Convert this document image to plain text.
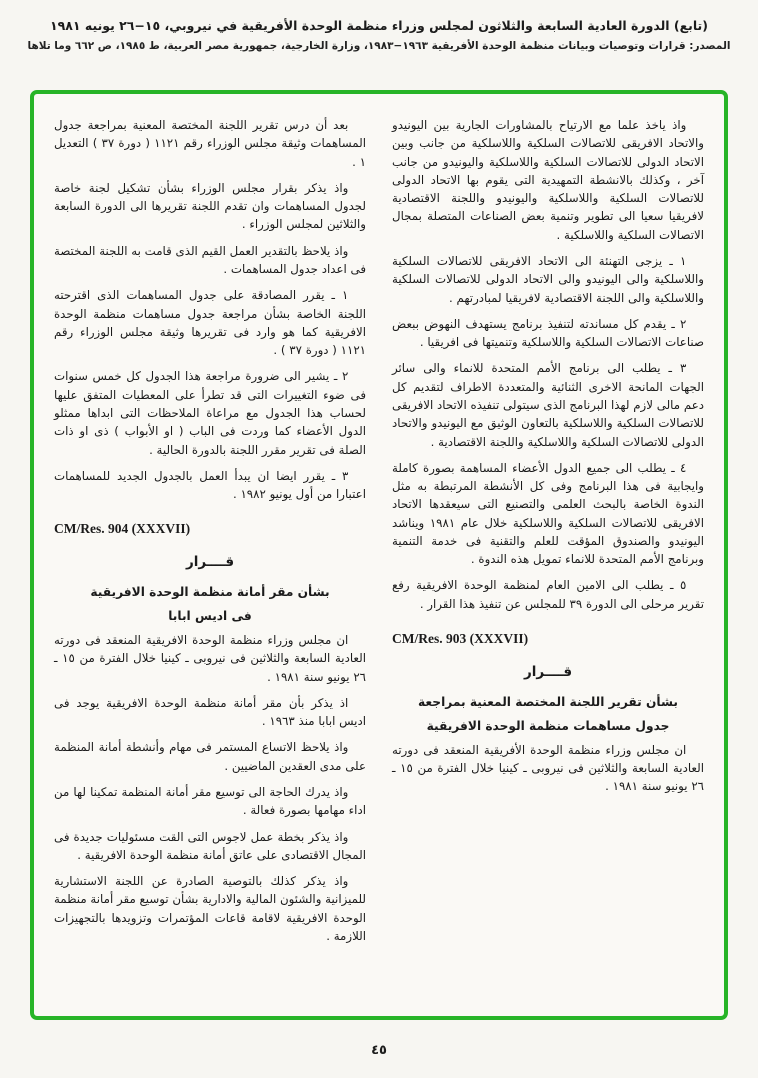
(تابع) الدورة العادية السابعة والثلاثون لمجلس وزراء منظمة الوحدة الأفريقية في نيروبي، ١٥−٢٦ يونيه ١٩٨١
المصدر: قرارات وتوصيات وبيانات منظمة الوحدة الأفريقية ١٩٦٣−١٩٨٣، وزارة الخارجية، جمهورية مصر العربية، ط ١٩٨٥، ص ٦٦٢ وما تلاها

واذ ياخذ علما مع الارتياح بالمشاورات الجارية بين اليونيدو والاتحاد الافريقى للاتصالات السلكية واللاسلكية من جانب وبين الاتحاد الدولى للاتصالات السلكية واللاسلكية واليونيدو من جانب آخر ، وكذلك بالانشطة التمهيدية التى يقوم بها الاتحاد الدولى للاتصالات السلكية واللاسلكية واليونيدو واللجنة الاقتصادية لافريقيا سعيا الى تطوير وتنمية بعض الصناعات المتصلة بمجال الاتصالات السلكية واللاسلكية .

١ ـ يزجى التهنئة الى الاتحاد الافريقى للاتصالات السلكية واللاسلكية والى اليونيدو والى الاتحاد الدولى للاتصالات السلكية واللاسلكية والى اللجنة الاقتصادية لافريقيا لمبادرتهم .

٢ ـ يقدم كل مساندته لتنفيذ برنامج يستهدف النهوض ببعض صناعات الاتصالات السلكية واللاسلكية وتنميتها فى افريقيا .

٣ ـ يطلب الى برنامج الأمم المتحدة للانماء والى سائر الجهات المانحة الاخرى الثنائية والمتعددة الاطراف لتقديم كل دعم مالى لازم لهذا البرنامج الذى سيتولى تنفيذه الاتحاد الافريقى للاتصالات السلكية واللاسلكية بالتعاون الوثيق مع اليونيدو والاتحاد الدولى للاتصالات السلكية واللاسلكية واللجنة الاقتصادية .

٤ ـ يطلب الى جميع الدول الأعضاء المساهمة بصورة كاملة وايجابية فى هذا البرنامج وفى كل الأنشطة المرتبطة به مثل الندوة الخاصة بالبحث العلمى والتصنيع التى سيعقدها الاتحاد الافريقى للاتصالات السلكية واللاسلكية خلال عام ١٩٨١ ويناشد اليونيدو والصندوق المؤقت للعلم والتقنية فى خدمة التنمية وبرنامج الأمم المتحدة للانماء تمويل هذه الندوة .

٥ ـ يطلب الى الامين العام لمنظمة الوحدة الافريقية رفع تقرير مرحلى الى الدورة ٣٩ للمجلس عن تنفيذ هذا القرار .

CM/Res. 903 (XXXVII)

قــــرار

بشأن تقرير اللجنة المختصة المعنية بمراجعة

جدول مساهمات منظمة الوحدة الافريقية

ان مجلس وزراء منظمة الوحدة الأفريقية المنعقد فى دورته العادية السابعة والثلاثين فى نيروبى ـ كينيا خلال الفترة من ١٥ ـ ٢٦ يونيو سنة ١٩٨١ .

بعد أن درس تقرير اللجنة المختصة المعنية بمراجعة جدول المساهمات وثيقة مجلس الوزراء رقم ١١٢١ ( دورة ٣٧ ) التعديل ١ .

واذ يذكر بقرار مجلس الوزراء بشأن تشكيل لجنة خاصة لجدول المساهمات وان تقدم اللجنة تقريرها الى الدورة السابعة والثلاثين لمجلس الوزراء .

واذ يلاحظ بالتقدير العمل القيم الذى قامت به اللجنة المختصة فى اعداد جدول المساهمات .

١ ـ يقرر المصادقة على جدول المساهمات الذى اقترحته اللجنة الخاصة بشأن مراجعة جدول مساهمات منظمة الوحدة الافريقية كما هو وارد فى تقريرها وثيقة مجلس الوزراء رقم ١١٢١ ( دورة ٣٧ ) .

٢ ـ يشير الى ضرورة مراجعة هذا الجدول كل خمس سنوات فى ضوء التغييرات التى قد تطرأ على المعطيات المتفق عليها لحساب هذا الجدول مع مراعاة الملاحظات التى ابداها ممثلو الدول الأعضاء كما وردت فى الباب ( او الأبواب ) ذى او ذات الصلة فى تقرير مقرر اللجنة بالدورة الحالية .

٣ ـ يقرر ايضا ان يبدأ العمل بالجدول الجديد للمساهمات اعتبارا من أول يونيو ١٩٨٢ .

CM/Res. 904 (XXXVII)

قــــرار

بشأن مقر أمانة منظمة الوحدة الافريقية

فى اديس ابابا

ان مجلس وزراء منظمة الوحدة الافريقية المنعقد فى دورته العادية السابعة والثلاثين فى نيروبى ـ كينيا خلال الفترة من ١٥ ـ ٢٦ يونيو سنة ١٩٨١ .

اذ يذكر بأن مقر أمانة منظمة الوحدة الافريقية يوجد فى اديس ابابا منذ ١٩٦٣ .

واذ يلاحظ الاتساع المستمر فى مهام وأنشطة أمانة المنظمة على مدى العقدين الماضيين .

واذ يدرك الحاجة الى توسيع مقر أمانة المنظمة تمكينا لها من اداء مهامها بصورة فعالة .

واذ يذكر بخطة عمل لاجوس التى القت مسئوليات جديدة فى المجال الاقتصادى على عاتق أمانة منظمة الوحدة الافريقية .

واذ يذكر كذلك بالتوصية الصادرة عن اللجنة الاستشارية للميزانية والشئون المالية والادارية بشأن توسيع مقر أمانة منظمة الوحدة الافريقية لاقامة قاعات المؤتمرات وتزويدها بالتجهيزات اللازمة .

٤٥
